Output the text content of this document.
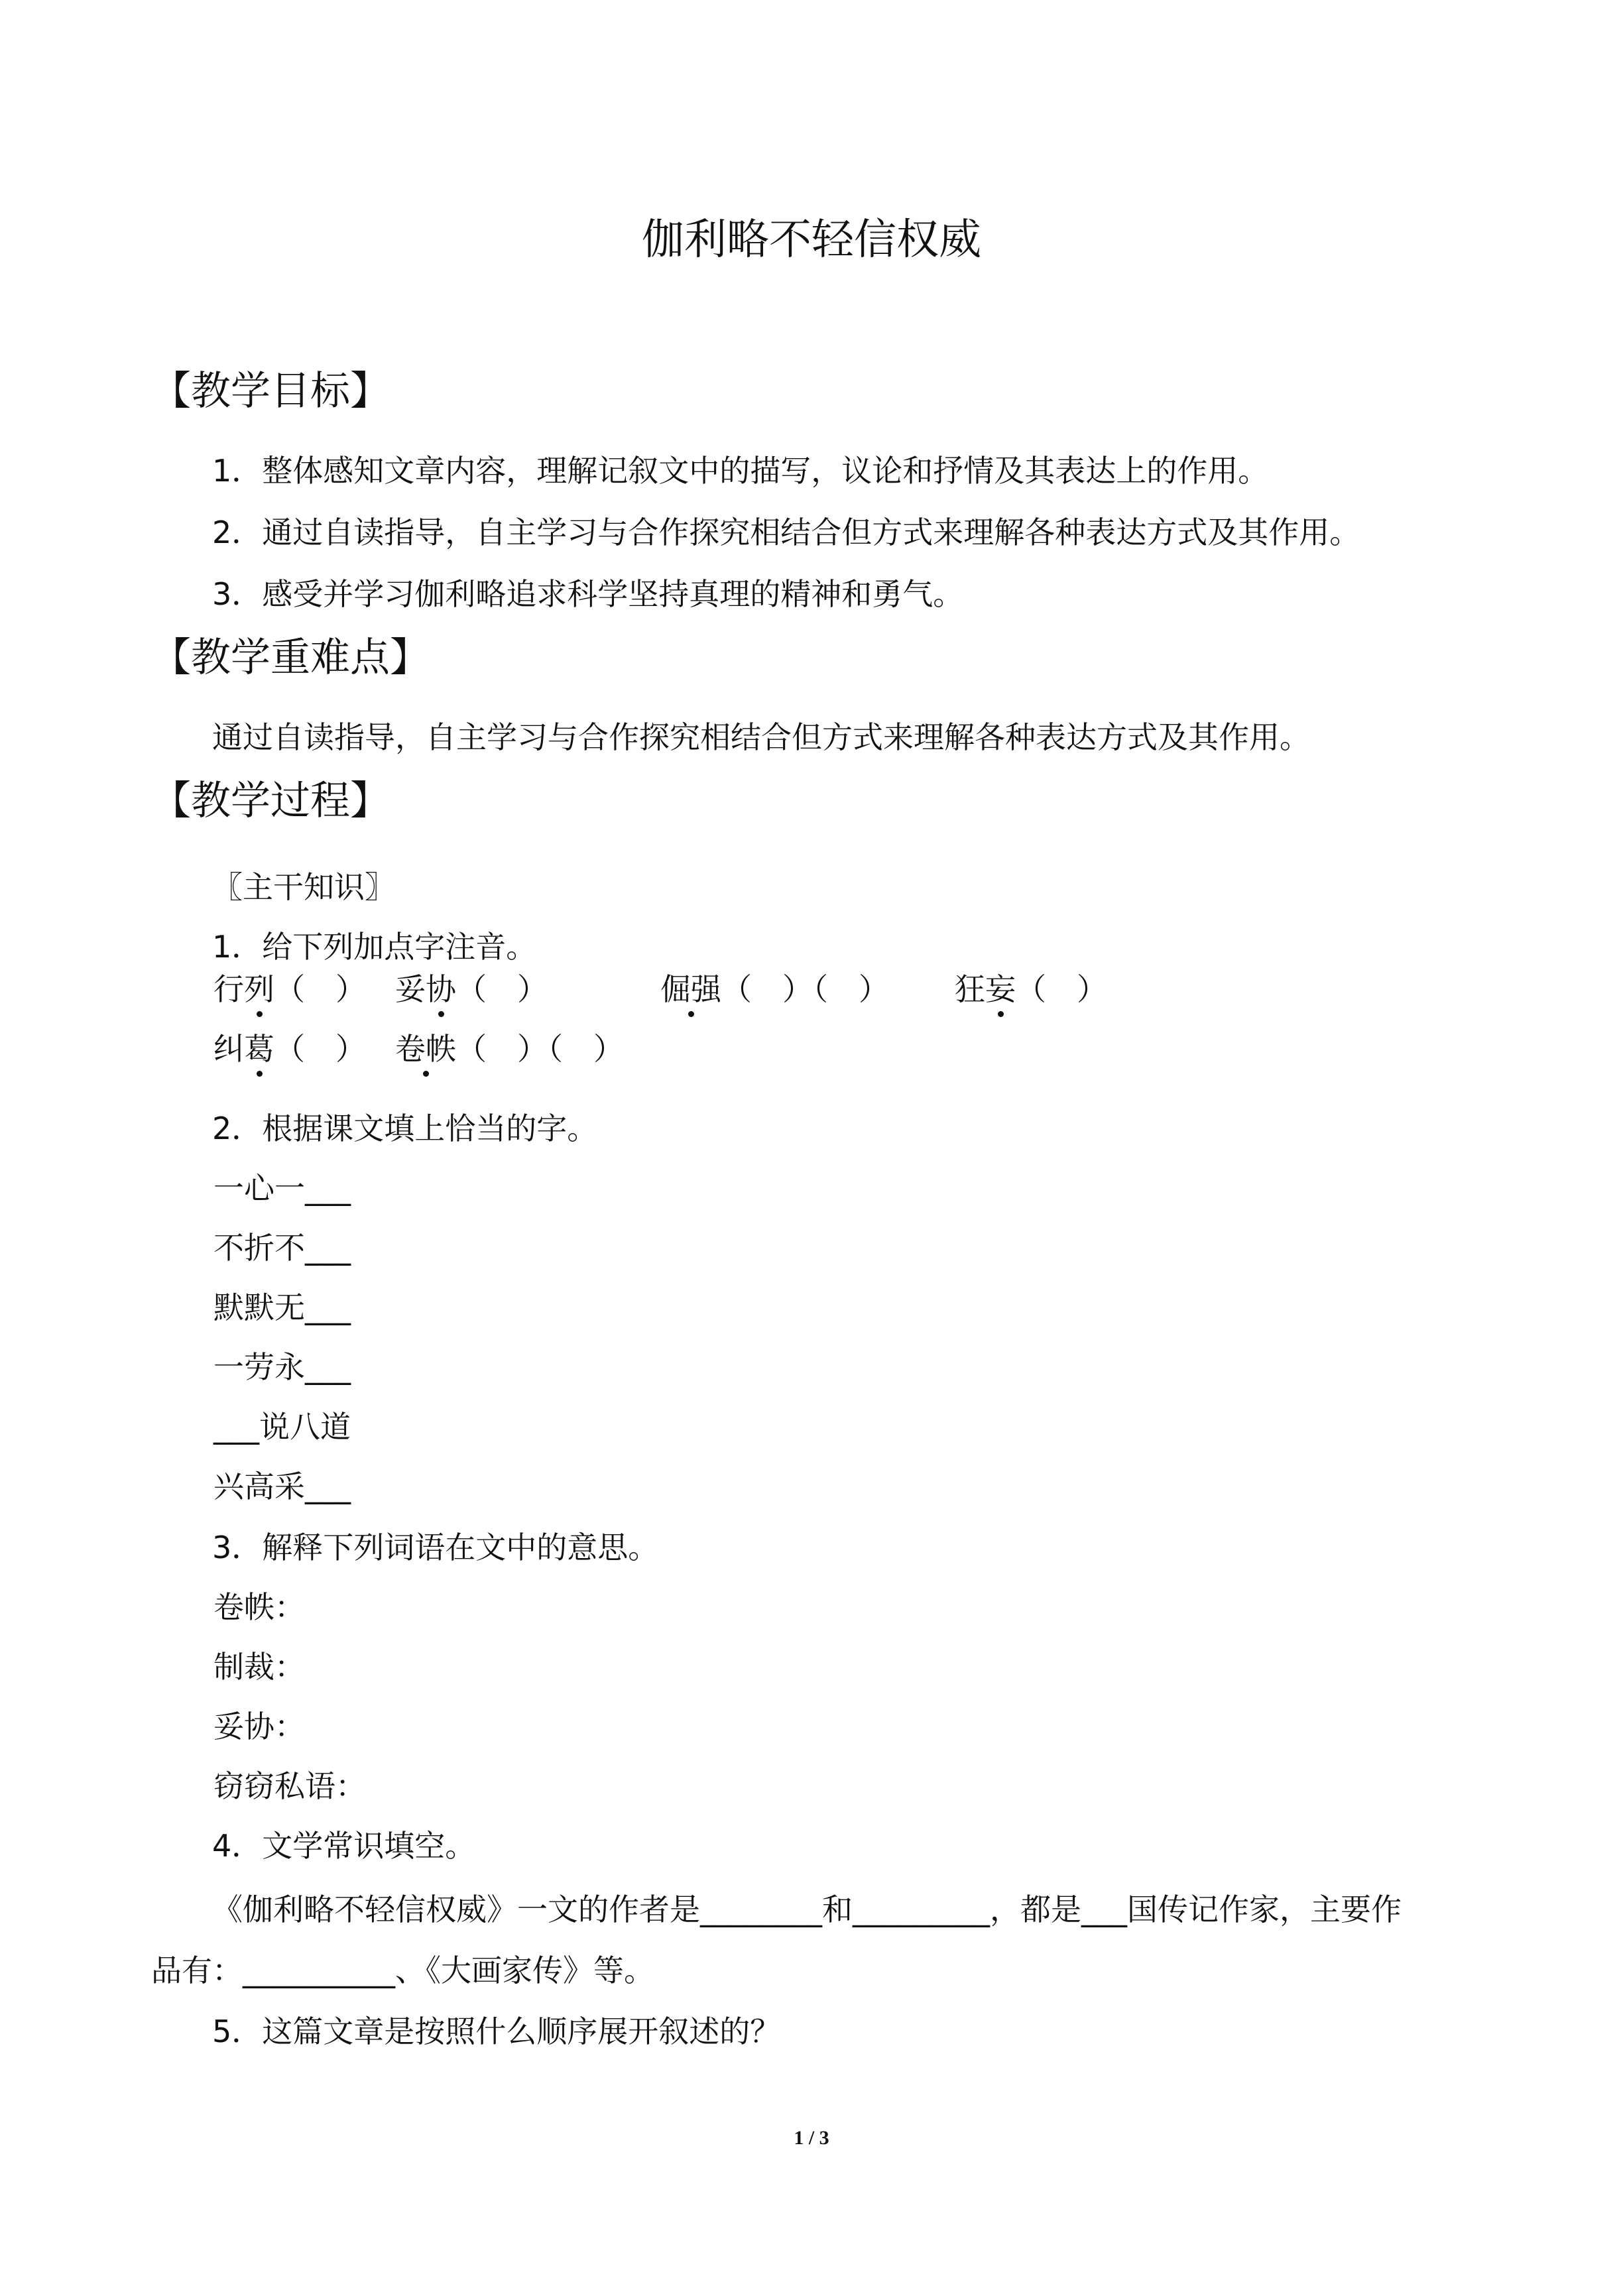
伽利略不轻信权威
【教学目标】
1．整体感知文章内容，理解记叙文中的描写，议论和抒情及其表达上的作用。
2．通过自读指导，自主学习与合作探究相结合但方式来理解各种表达方式及其作用。
3．感受并学习伽利略追求科学坚持真理的精神和勇气。
【教学重难点】
通过自读指导，自主学习与合作探究相结合但方式来理解各种表达方式及其作用。
【教学过程】
〖主干知识〗
1．给下列加点字注音。
行列（　） 妥协（　）	倔强（　）（　） 狂妄（　）
纠葛（　） 卷帙（　）（　）
2．根据课文填上恰当的字。
一心一___
不折不___
默默无___
一劳永___
___说八道
兴高采___
3．解释下列词语在文中的意思。
卷帙：
制裁：
妥协：
窃窃私语：
4．文学常识填空。
《伽利略不轻信权威》一文的作者是________和_________，都是___国传记作家，主要作
品有：__________、《大画家传》等。
5．这篇文章是按照什么顺序展开叙述的？
1 / 3
